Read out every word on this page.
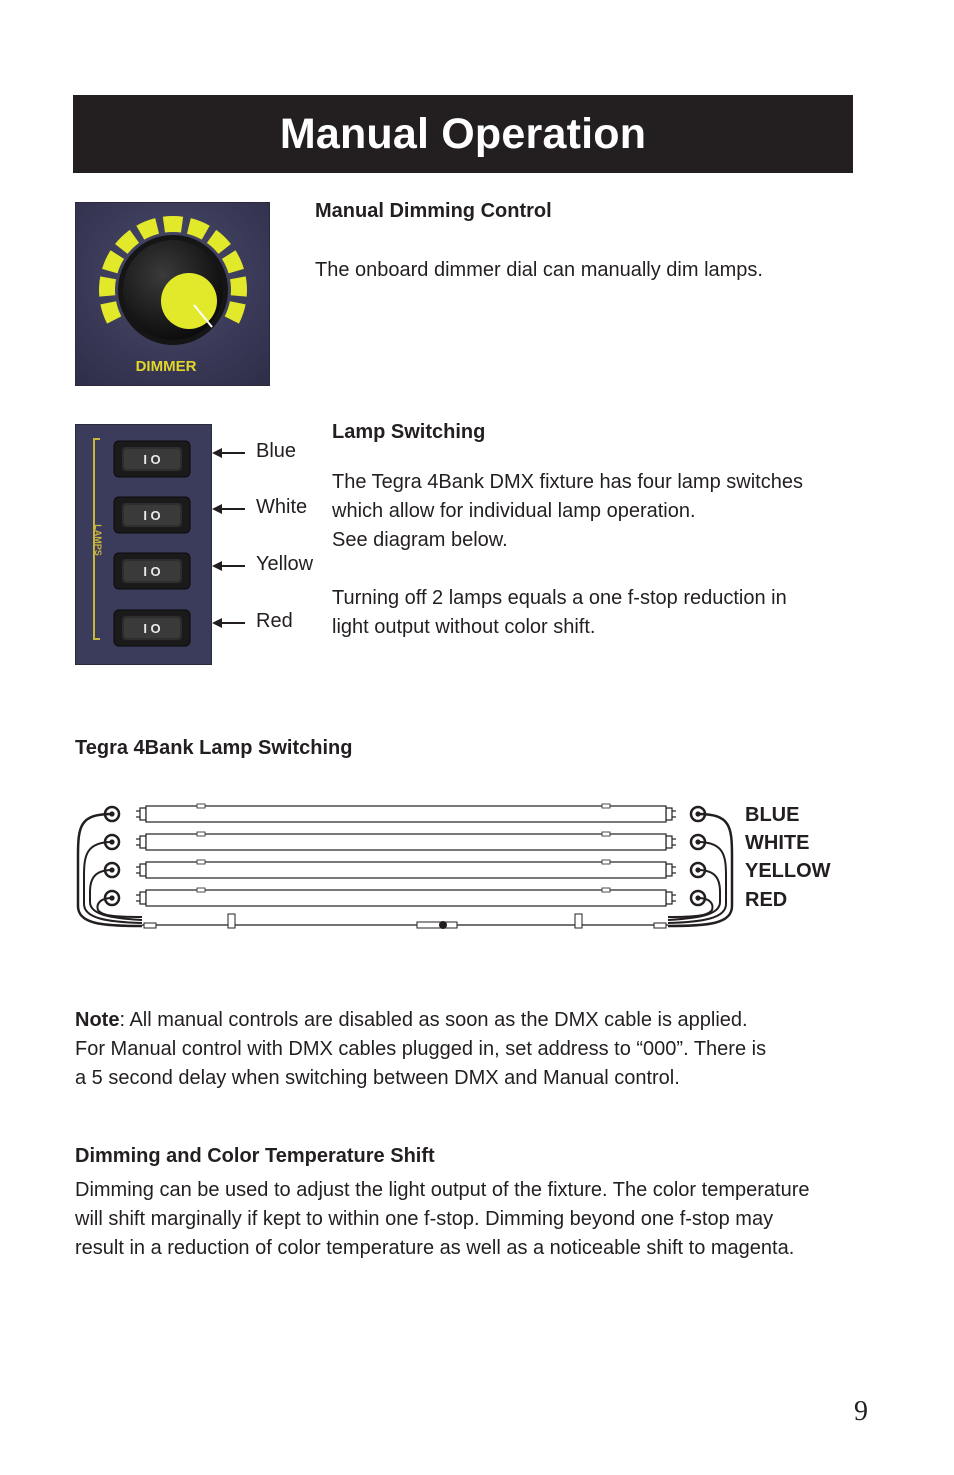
Manual Operation
DIMMER
Manual Dimming Control
The onboard dimmer dial can manually dim lamps.
LAMPS
I O
I O
I O
I O
Blue
White
Yellow
Red
Lamp Switching
The Tegra 4Bank DMX fixture has four lamp switches
which allow for individual lamp operation.
See diagram below.
Turning off 2 lamps equals a one f-stop reduction in
light output without color shift.
Tegra 4Bank Lamp Switching
BLUE
WHITE
YELLOW
RED
Note: All manual controls are disabled as soon as the DMX cable is applied.
For Manual control with DMX cables plugged in, set address to “000”. There is
a 5 second delay when switching between DMX and Manual control.
Dimming and Color Temperature Shift
Dimming can be used to adjust the light output of the fixture. The color temperature
will shift marginally if kept to within one f-stop. Dimming beyond one f-stop may
result in a reduction of color temperature as well as a noticeable shift to magenta.
9
